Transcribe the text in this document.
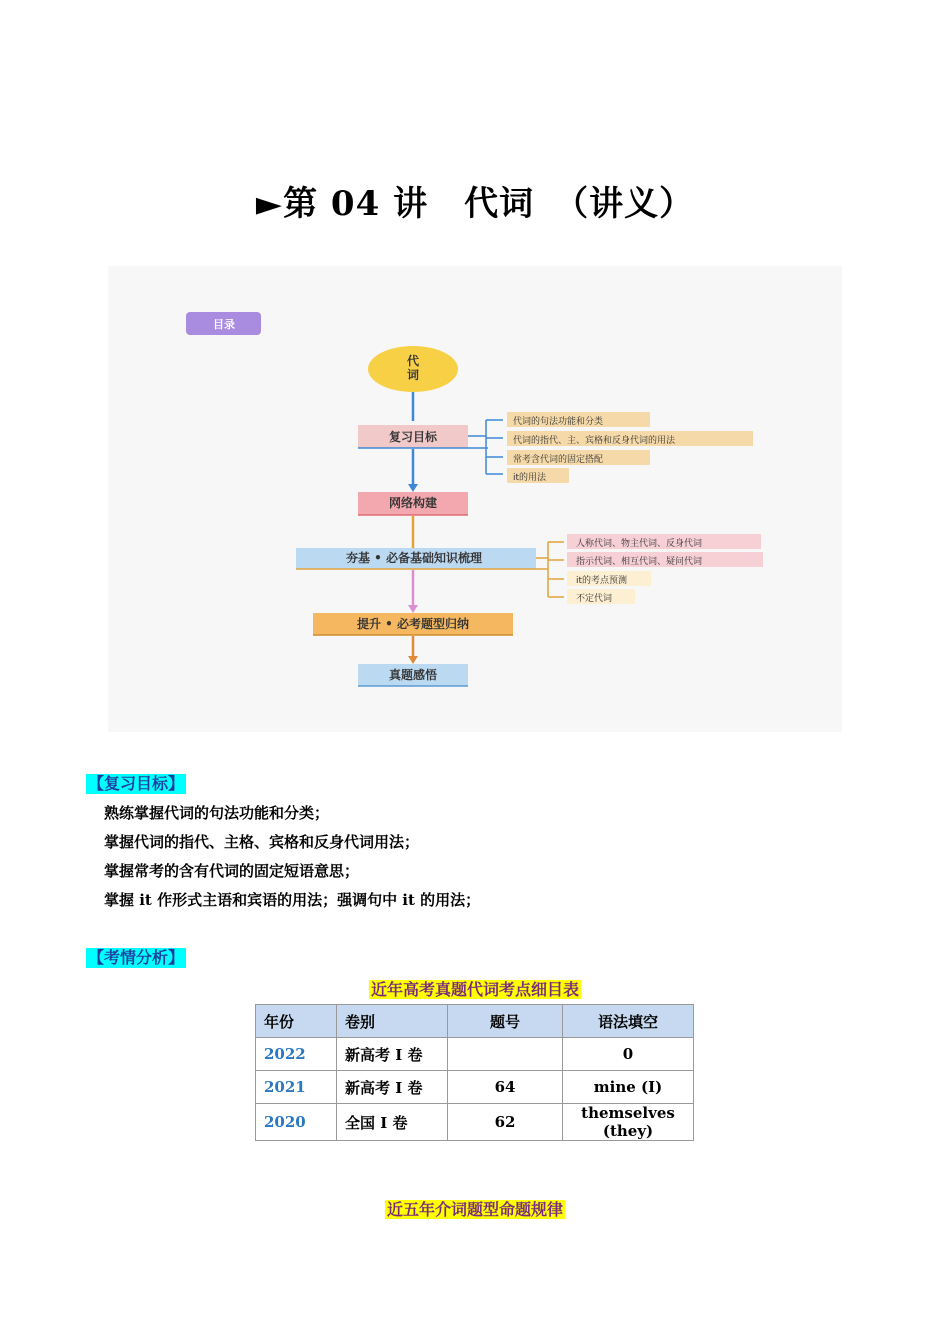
►第 04 讲 代词 （讲义）
目录
代
词
复习目标
代词的句法功能和分类
代词的指代、主、宾格和反身代词的用法
常考含代词的固定搭配
it的用法
网络构建
夯基 • 必备基础知识梳理
人称代词、物主代词、反身代词
指示代词、相互代词、疑问代词
it的考点预测
不定代词
提升 • 必考题型归纳
真题感悟
【复习目标】
熟练掌握代词的句法功能和分类；
掌握代词的指代、主格、宾格和反身代词用法；
掌握常考的含有代词的固定短语意思；
掌握 it 作形式主语和宾语的用法；强调句中 it 的用法；
【考情分析】
近年高考真题代词考点细目表
年份	卷别	题号	语法填空
2022	新高考 I 卷		0
2021	新高考 I 卷	64	mine (I)
2020	全国 I 卷	62	themselves (they)
近五年介词题型命题规律
